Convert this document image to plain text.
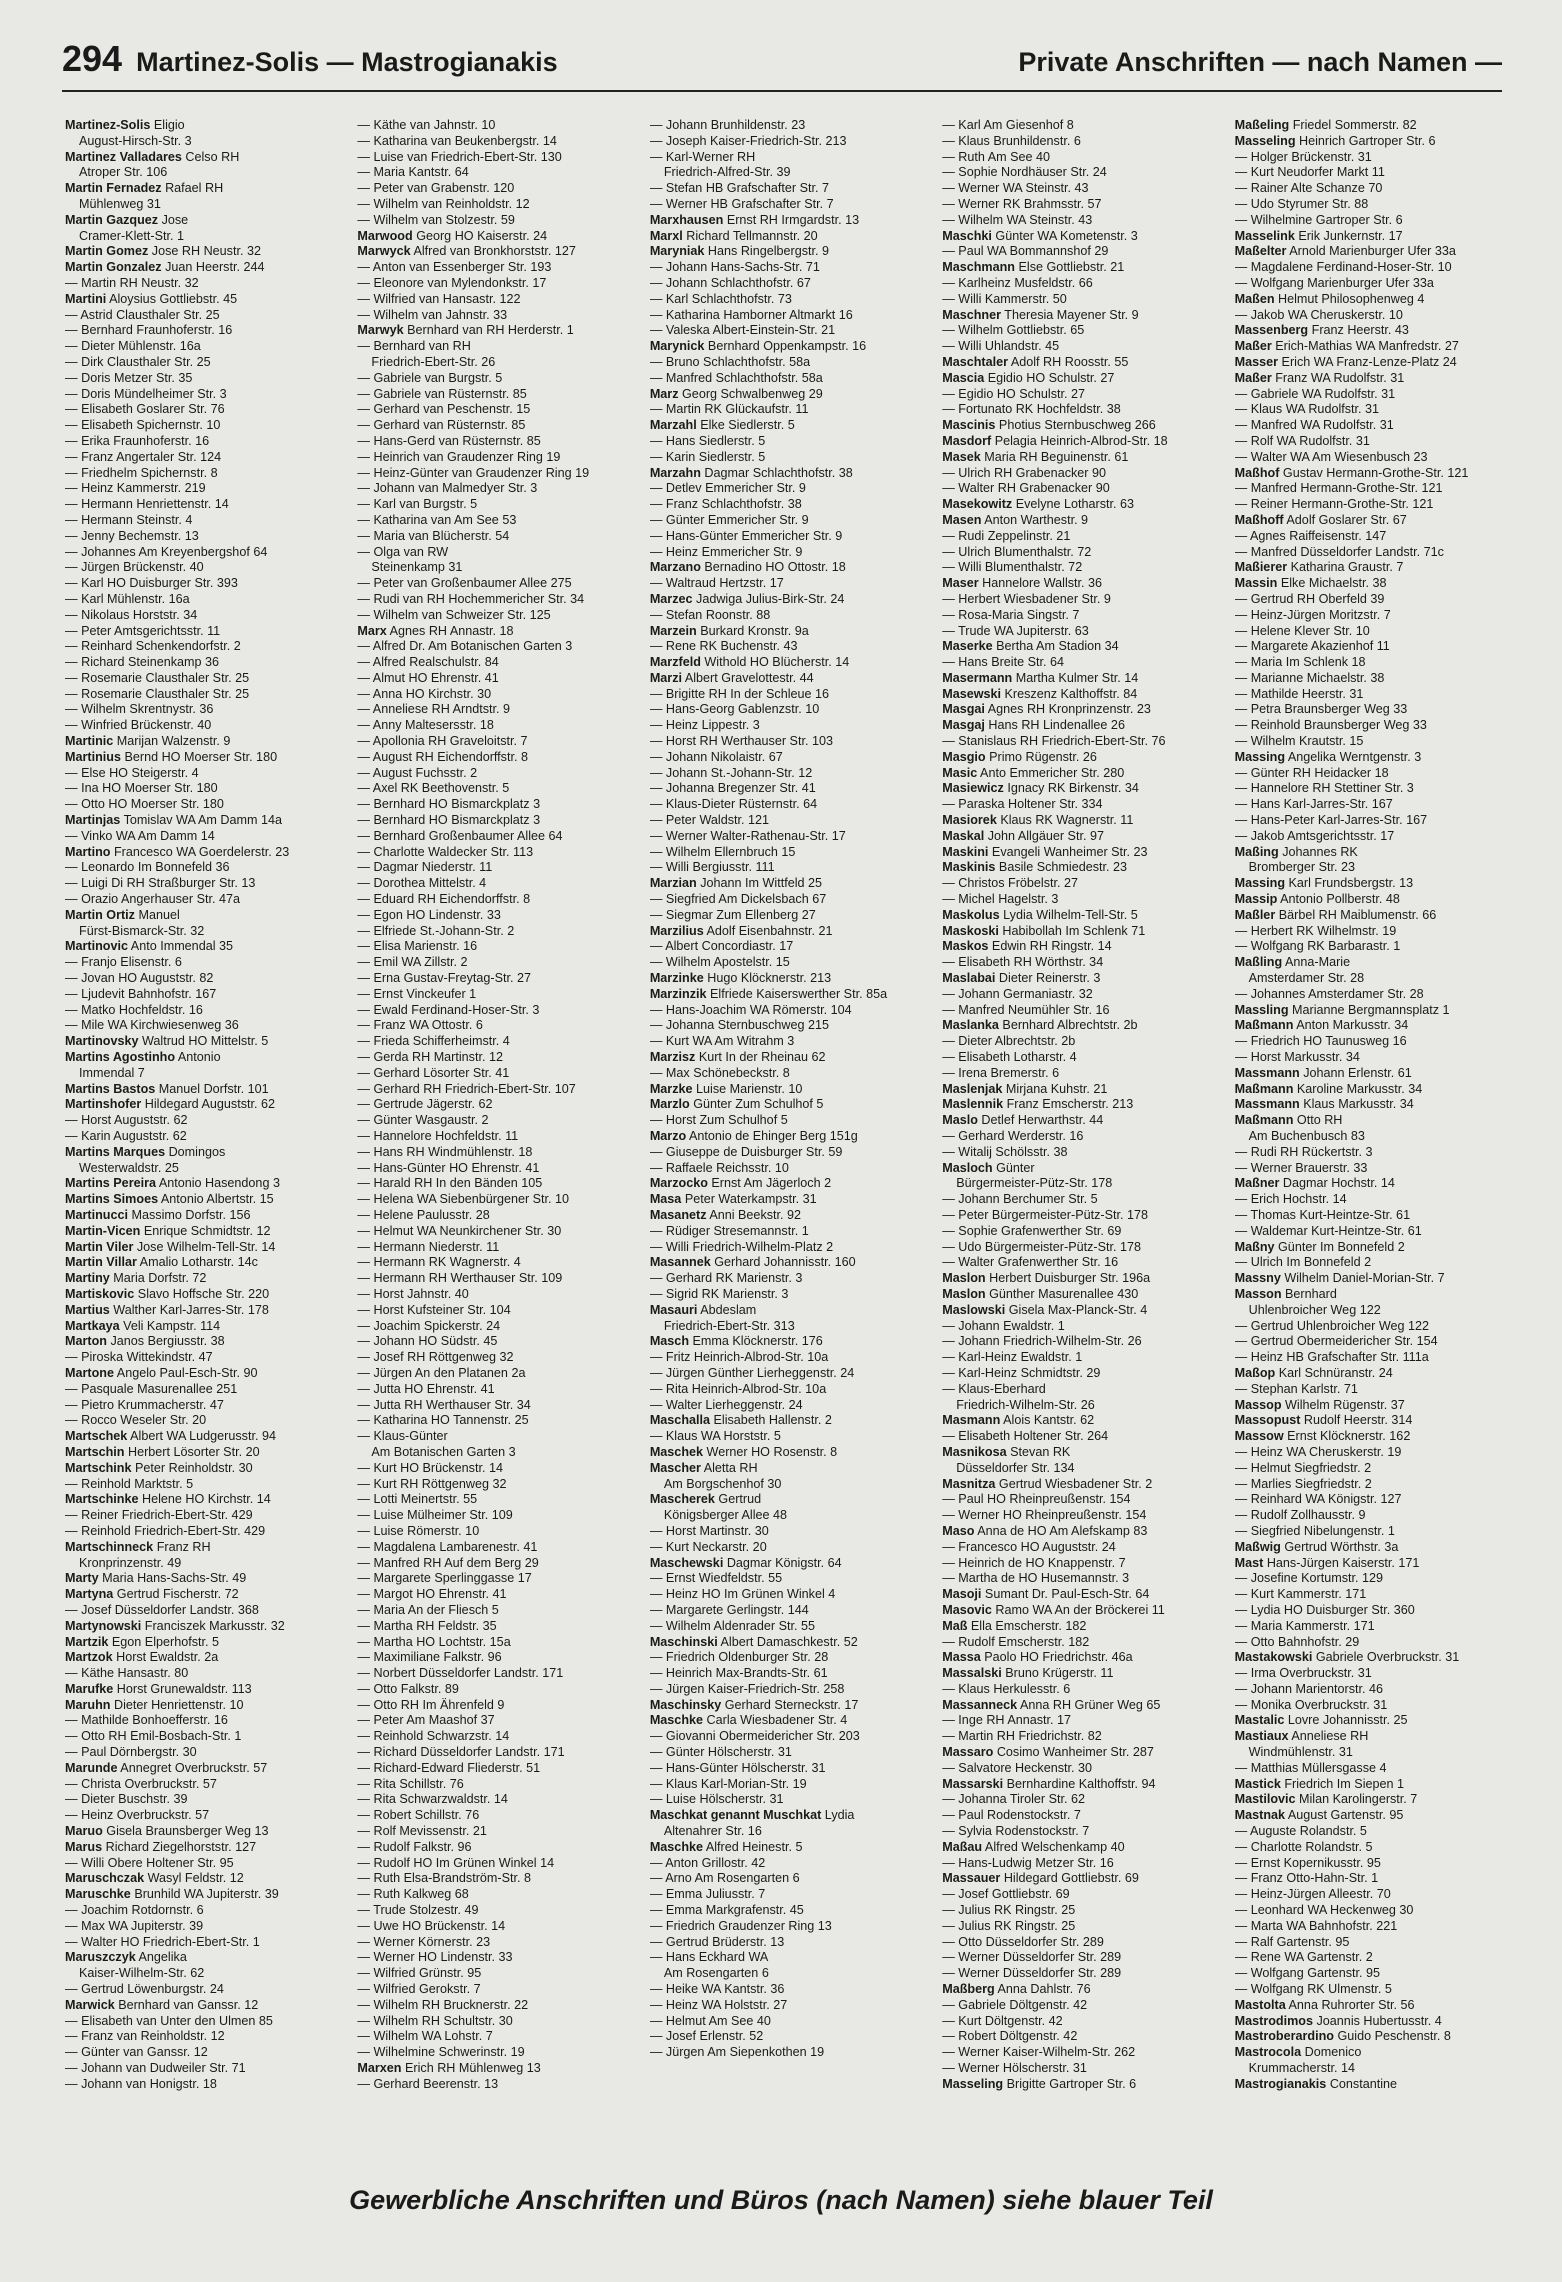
294 Martinez-Solis — Mastrogianakis	Private Anschriften — nach Namen —
Martinez-Solis Eligio
August-Hirsch-Str. 3
Martinez Valladares Celso RH
Atroper Str. 106
Martin Fernadez Rafael RH
Mühlenweg 31
Martin Gazquez Jose
Cramer-Klett-Str. 1
Martin Gomez Jose RH Neustr. 32
Martin Gonzalez Juan Heerstr. 244
— Martin RH Neustr. 32
Martini Aloysius Gottliebstr. 45
— Astrid Clausthaler Str. 25
— Bernhard Fraunhoferstr. 16
— Dieter Mühlenstr. 16a
— Dirk Clausthaler Str. 25
— Doris Metzer Str. 35
— Doris Mündelheimer Str. 3
— Elisabeth Goslarer Str. 76
— Elisabeth Spichernstr. 10
— Erika Fraunhoferstr. 16
— Franz Angertaler Str. 124
— Friedhelm Spichernstr. 8
— Heinz Kammerstr. 219
— Hermann Henriettenstr. 14
— Hermann Steinstr. 4
— Jenny Bechemstr. 13
— Johannes Am Kreyenbergshof 64
— Jürgen Brückenstr. 40
— Karl HO Duisburger Str. 393
— Karl Mühlenstr. 16a
— Nikolaus Horststr. 34
— Peter Amtsgerichtsstr. 11
— Reinhard Schenkendorfstr. 2
— Richard Steinenkamp 36
— Rosemarie Clausthaler Str. 25
— Rosemarie Clausthaler Str. 25
— Wilhelm Skrentnystr. 36
— Winfried Brückenstr. 40
Martinic Marijan Walzenstr. 9
Martinius Bernd HO Moerser Str. 180
— Else HO Steigerstr. 4
— Ina HO Moerser Str. 180
— Otto HO Moerser Str. 180
Martinjas Tomislav WA Am Damm 14a
— Vinko WA Am Damm 14
Martino Francesco WA Goerdelerstr. 23
— Leonardo Im Bonnefeld 36
— Luigi Di RH Straßburger Str. 13
— Orazio Angerhauser Str. 47a
Martin Ortiz Manuel
Fürst-Bismarck-Str. 32
Martinovic Anto Immendal 35
— Franjo Elisenstr. 6
— Jovan HO Auguststr. 82
— Ljudevit Bahnhofstr. 167
— Matko Hochfeldstr. 16
— Mile WA Kirchwiesenweg 36
Martinovsky Waltrud HO Mittelstr. 5
Martins Agostinho Antonio
Immendal 7
Martins Bastos Manuel Dorfstr. 101
Martinshofer Hildegard Auguststr. 62
— Horst Auguststr. 62
— Karin Auguststr. 62
Martins Marques Domingos
Westerwaldstr. 25
Martins Pereira Antonio Hasendong 3
Martins Simoes Antonio Albertstr. 15
Martinucci Massimo Dorfstr. 156
Martin-Vicen Enrique Schmidtstr. 12
Martin Viler Jose Wilhelm-Tell-Str. 14
Martin Villar Amalio Lotharstr. 14c
Martiny Maria Dorfstr. 72
Martiskovic Slavo Hoffsche Str. 220
Martius Walther Karl-Jarres-Str. 178
Martkaya Veli Kampstr. 114
Marton Janos Bergiusstr. 38
— Piroska Wittekindstr. 47
Martone Angelo Paul-Esch-Str. 90
— Pasquale Masurenallee 251
— Pietro Krummacherstr. 47
— Rocco Weseler Str. 20
Martschek Albert WA Ludgerusstr. 94
Martschin Herbert Lösorter Str. 20
Martschink Peter Reinholdstr. 30
— Reinhold Marktstr. 5
Martschinke Helene HO Kirchstr. 14
— Reiner Friedrich-Ebert-Str. 429
— Reinhold Friedrich-Ebert-Str. 429
Martschinneck Franz RH
Kronprinzenstr. 49
Marty Maria Hans-Sachs-Str. 49
Martyna Gertrud Fischerstr. 72
— Josef Düsseldorfer Landstr. 368
Martynowski Franciszek Markusstr. 32
Martzik Egon Elperhofstr. 5
Martzok Horst Ewaldstr. 2a
— Käthe Hansastr. 80
Marufke Horst Grunewaldstr. 113
Maruhn Dieter Henriettenstr. 10
— Mathilde Bonhoefferstr. 16
— Otto RH Emil-Bosbach-Str. 1
— Paul Dörnbergstr. 30
Marunde Annegret Overbruckstr. 57
— Christa Overbruckstr. 57
— Dieter Buschstr. 39
— Heinz Overbruckstr. 57
Maruo Gisela Braunsberger Weg 13
Marus Richard Ziegelhorststr. 127
— Willi Obere Holtener Str. 95
Maruschczak Wasyl Feldstr. 12
Maruschke Brunhild WA Jupiterstr. 39
— Joachim Rotdornstr. 6
— Max WA Jupiterstr. 39
— Walter HO Friedrich-Ebert-Str. 1
Maruszczyk Angelika
Kaiser-Wilhelm-Str. 62
— Gertrud Löwenburgstr. 24
Marwick Bernhard van Ganssr. 12
— Elisabeth van Unter den Ulmen 85
— Franz van Reinholdstr. 12
— Günter van Ganssr. 12
— Johann van Dudweiler Str. 71
— Johann van Honigstr. 18
— Käthe van Jahnstr. 10
— Katharina van Beukenbergstr. 14
— Luise van Friedrich-Ebert-Str. 130
— Maria Kantstr. 64
— Peter van Grabenstr. 120
— Wilhelm van Reinholdstr. 12
— Wilhelm van Stolzestr. 59
Marwood Georg HO Kaiserstr. 24
Marwyck Alfred van Bronkhorststr. 127
— Anton van Essenberger Str. 193
— Eleonore van Mylendonkstr. 17
— Wilfried van Hansastr. 122
— Wilhelm van Jahnstr. 33
Marwyk Bernhard van RH Herderstr. 1
— Bernhard van RH
Friedrich-Ebert-Str. 26
— Gabriele van Burgstr. 5
— Gabriele van Rüsternstr. 85
— Gerhard van Peschenstr. 15
— Gerhard van Rüsternstr. 85
— Hans-Gerd van Rüsternstr. 85
— Heinrich van Graudenzer Ring 19
— Heinz-Günter van Graudenzer Ring 19
— Johann van Malmedyer Str. 3
— Karl van Burgstr. 5
— Katharina van Am See 53
— Maria van Blücherstr. 54
— Olga van RW
Steinenkamp 31
— Peter van Großenbaumer Allee 275
— Rudi van RH Hochemmericher Str. 34
— Wilhelm van Schweizer Str. 125
Marx Agnes RH Annastr. 18
— Alfred Dr. Am Botanischen Garten 3
— Alfred Realschulstr. 84
— Almut HO Ehrenstr. 41
— Anna HO Kirchstr. 30
— Anneliese RH Arndtstr. 9
— Anny Maltesersstr. 18
— Apollonia RH Graveloitstr. 7
— August RH Eichendorffstr. 8
— August Fuchsstr. 2
— Axel RK Beethovenstr. 5
— Bernhard HO Bismarckplatz 3
— Bernhard HO Bismarckplatz 3
— Bernhard Großenbaumer Allee 64
— Charlotte Waldecker Str. 113
— Dagmar Niederstr. 11
— Dorothea Mittelstr. 4
— Eduard RH Eichendorffstr. 8
— Egon HO Lindenstr. 33
— Elfriede St.-Johann-Str. 2
— Elisa Marienstr. 16
— Emil WA Zillstr. 2
— Erna Gustav-Freytag-Str. 27
— Ernst Vinckeufer 1
— Ewald Ferdinand-Hoser-Str. 3
— Franz WA Ottostr. 6
— Frieda Schifferheimstr. 4
— Gerda RH Martinstr. 12
— Gerhard Lösorter Str. 41
— Gerhard RH Friedrich-Ebert-Str. 107
— Gertrude Jägerstr. 62
— Günter Wasgaustr. 2
— Hannelore Hochfeldstr. 11
— Hans RH Windmühlenstr. 18
— Hans-Günter HO Ehrenstr. 41
— Harald RH In den Bänden 105
— Helena WA Siebenbürgener Str. 10
— Helene Paulusstr. 28
— Helmut WA Neunkirchener Str. 30
— Hermann Niederstr. 11
— Hermann RK Wagnerstr. 4
— Hermann RH Werthauser Str. 109
— Horst Jahnstr. 40
— Horst Kufsteiner Str. 104
— Joachim Spickerstr. 24
— Johann HO Südstr. 45
— Josef RH Röttgenweg 32
— Jürgen An den Platanen 2a
— Jutta HO Ehrenstr. 41
— Jutta RH Werthauser Str. 34
— Katharina HO Tannenstr. 25
— Klaus-Günter
Am Botanischen Garten 3
— Kurt HO Brückenstr. 14
— Kurt RH Röttgenweg 32
— Lotti Meinertstr. 55
— Luise Mülheimer Str. 109
— Luise Römerstr. 10
— Magdalena Lambarenestr. 41
— Manfred RH Auf dem Berg 29
— Margarete Sperlinggasse 17
— Margot HO Ehrenstr. 41
— Maria An der Fliesch 5
— Martha RH Feldstr. 35
— Martha HO Lochtstr. 15a
— Maximiliane Falkstr. 96
— Norbert Düsseldorfer Landstr. 171
— Otto Falkstr. 89
— Otto RH Im Ährenfeld 9
— Peter Am Maashof 37
— Reinhold Schwarzstr. 14
— Richard Düsseldorfer Landstr. 171
— Richard-Edward Fliederstr. 51
— Rita Schillstr. 76
— Rita Schwarzwaldstr. 14
— Robert Schillstr. 76
— Rolf Mevissenstr. 21
— Rudolf Falkstr. 96
— Rudolf HO Im Grünen Winkel 14
— Ruth Elsa-Brandström-Str. 8
— Ruth Kalkweg 68
— Trude Stolzestr. 49
— Uwe HO Brückenstr. 14
— Werner Körnerstr. 23
— Werner HO Lindenstr. 33
— Wilfried Grünstr. 95
— Wilfried Gerokstr. 7
— Wilhelm RH Brucknerstr. 22
— Wilhelm RH Schultstr. 30
— Wilhelm WA Lohstr. 7
— Wilhelmine Schwerinstr. 19
Marxen Erich RH Mühlenweg 13
— Gerhard Beerenstr. 13
— Johann Brunhildenstr. 23
— Joseph Kaiser-Friedrich-Str. 213
— Karl-Werner RH
Friedrich-Alfred-Str. 39
— Stefan HB Grafschafter Str. 7
— Werner HB Grafschafter Str. 7
Marxhausen Ernst RH Irmgardstr. 13
Marxl Richard Tellmannstr. 20
Maryniak Hans Ringelbergstr. 9
— Johann Hans-Sachs-Str. 71
— Johann Schlachthofstr. 67
— Karl Schlachthofstr. 73
— Katharina Hamborner Altmarkt 16
— Valeska Albert-Einstein-Str. 21
Marynick Bernhard Oppenkampstr. 16
— Bruno Schlachthofstr. 58a
— Manfred Schlachthofstr. 58a
Marz Georg Schwalbenweg 29
— Martin RK Glückaufstr. 11
Marzahl Elke Siedlerstr. 5
— Hans Siedlerstr. 5
— Karin Siedlerstr. 5
Marzahn Dagmar Schlachthofstr. 38
— Detlev Emmericher Str. 9
— Franz Schlachthofstr. 38
— Günter Emmericher Str. 9
— Hans-Günter Emmericher Str. 9
— Heinz Emmericher Str. 9
Marzano Bernadino HO Ottostr. 18
— Waltraud Hertzstr. 17
Marzec Jadwiga Julius-Birk-Str. 24
— Stefan Roonstr. 88
Marzein Burkard Kronstr. 9a
— Rene RK Buchenstr. 43
Marzfeld Withold HO Blücherstr. 14
Marzi Albert Gravelottestr. 44
— Brigitte RH In der Schleue 16
— Hans-Georg Gablenzstr. 10
— Heinz Lippestr. 3
— Horst RH Werthauser Str. 103
— Johann Nikolaistr. 67
— Johann St.-Johann-Str. 12
— Johanna Bregenzer Str. 41
— Klaus-Dieter Rüsternstr. 64
— Peter Waldstr. 121
— Werner Walter-Rathenau-Str. 17
— Wilhelm Ellernbruch 15
— Willi Bergiusstr. 111
Marzian Johann Im Wittfeld 25
— Siegfried Am Dickelsbach 67
— Siegmar Zum Ellenberg 27
Marzilius Adolf Eisenbahnstr. 21
— Albert Concordiastr. 17
— Wilhelm Apostelstr. 15
Marzinke Hugo Klöcknerstr. 213
Marzinzik Elfriede Kaiserswerther Str. 85a
— Hans-Joachim WA Römerstr. 104
— Johanna Sternbuschweg 215
— Kurt WA Am Witrahm 3
Marzisz Kurt In der Rheinau 62
— Max Schönebeckstr. 8
Marzke Luise Marienstr. 10
Marzlo Günter Zum Schulhof 5
— Horst Zum Schulhof 5
Marzo Antonio de Ehinger Berg 151g
— Giuseppe de Duisburger Str. 59
— Raffaele Reichsstr. 10
Marzocko Ernst Am Jägerloch 2
Masa Peter Waterkampstr. 31
Masanetz Anni Beekstr. 92
— Rüdiger Stresemannstr. 1
— Willi Friedrich-Wilhelm-Platz 2
Masannek Gerhard Johannisstr. 160
— Gerhard RK Marienstr. 3
— Sigrid RK Marienstr. 3
Masauri Abdeslam
Friedrich-Ebert-Str. 313
Masch Emma Klöcknerstr. 176
— Fritz Heinrich-Albrod-Str. 10a
— Jürgen Günther Lierheggenstr. 24
— Rita Heinrich-Albrod-Str. 10a
— Walter Lierheggenstr. 24
Maschalla Elisabeth Hallenstr. 2
— Klaus WA Horststr. 5
Maschek Werner HO Rosenstr. 8
Mascher Aletta RH
Am Borgschenhof 30
Mascherek Gertrud
Königsberger Allee 48
— Horst Martinstr. 30
— Kurt Neckarstr. 20
Maschewski Dagmar Königstr. 64
— Ernst Wiedfeldstr. 55
— Heinz HO Im Grünen Winkel 4
— Margarete Gerlingstr. 144
— Wilhelm Aldenrader Str. 55
Maschinski Albert Damaschkestr. 52
— Friedrich Oldenburger Str. 28
— Heinrich Max-Brandts-Str. 61
— Jürgen Kaiser-Friedrich-Str. 258
Maschinsky Gerhard Sterneckstr. 17
Maschke Carla Wiesbadener Str. 4
— Giovanni Obermeidericher Str. 203
— Günter Hölscherstr. 31
— Hans-Günter Hölscherstr. 31
— Klaus Karl-Morian-Str. 19
— Luise Hölscherstr. 31
Maschkat genannt Muschkat Lydia
Altenahrer Str. 16
Maschke Alfred Heinestr. 5
— Anton Grillostr. 42
— Arno Am Rosengarten 6
— Emma Juliusstr. 7
— Emma Markgrafenstr. 45
— Friedrich Graudenzer Ring 13
— Gertrud Brüderstr. 13
— Hans Eckhard WA
Am Rosengarten 6
— Heike WA Kantstr. 36
— Heinz WA Holststr. 27
— Helmut Am See 40
— Josef Erlenstr. 52
— Jürgen Am Siepenkothen 19
— Karl Am Giesenhof 8
— Klaus Brunhildenstr. 6
— Ruth Am See 40
— Sophie Nordhäuser Str. 24
— Werner WA Steinstr. 43
— Werner RK Brahmsstr. 57
— Wilhelm WA Steinstr. 43
Maschki Günter WA Kometenstr. 3
— Paul WA Bommannshof 29
Maschmann Else Gottliebstr. 21
— Karlheinz Musfeldstr. 66
— Willi Kammerstr. 50
Maschner Theresia Mayener Str. 9
— Wilhelm Gottliebstr. 65
— Willi Uhlandstr. 45
Maschtaler Adolf RH Roosstr. 55
Mascia Egidio HO Schulstr. 27
— Egidio HO Schulstr. 27
— Fortunato RK Hochfeldstr. 38
Mascinis Photius Sternbuschweg 266
Masdorf Pelagia Heinrich-Albrod-Str. 18
Masek Maria RH Beguinenstr. 61
— Ulrich RH Grabenacker 90
— Walter RH Grabenacker 90
Masekowitz Evelyne Lotharstr. 63
Masen Anton Warthestr. 9
— Rudi Zeppelinstr. 21
— Ulrich Blumenthalstr. 72
— Willi Blumenthalstr. 72
Maser Hannelore Wallstr. 36
— Herbert Wiesbadener Str. 9
— Rosa-Maria Singstr. 7
— Trude WA Jupiterstr. 63
Maserke Bertha Am Stadion 34
— Hans Breite Str. 64
Masermann Martha Kulmer Str. 14
Masewski Kreszenz Kalthoffstr. 84
Masgai Agnes RH Kronprinzenstr. 23
Masgaj Hans RH Lindenallee 26
— Stanislaus RH Friedrich-Ebert-Str. 76
Masgio Primo Rügenstr. 26
Masic Anto Emmericher Str. 280
Masiewicz Ignacy RK Birkenstr. 34
— Paraska Holtener Str. 334
Masiorek Klaus RK Wagnerstr. 11
Maskal John Allgäuer Str. 97
Maskini Evangeli Wanheimer Str. 23
Maskinis Basile Schmiedestr. 23
— Christos Fröbelstr. 27
— Michel Hagelstr. 3
Maskolus Lydia Wilhelm-Tell-Str. 5
Maskoski Habibollah Im Schlenk 71
Maskos Edwin RH Ringstr. 14
— Elisabeth RH Wörthstr. 34
Maslabai Dieter Reinerstr. 3
— Johann Germaniastr. 32
— Manfred Neumühler Str. 16
Maslanka Bernhard Albrechtstr. 2b
— Dieter Albrechtstr. 2b
— Elisabeth Lotharstr. 4
— Irena Bremerstr. 6
Maslenjak Mirjana Kuhstr. 21
Maslennik Franz Emscherstr. 213
Maslo Detlef Herwarthstr. 44
— Gerhard Werderstr. 16
— Witalij Schölsstr. 38
Masloch Günter
Bürgermeister-Pütz-Str. 178
— Johann Berchumer Str. 5
— Peter Bürgermeister-Pütz-Str. 178
— Sophie Grafenwerther Str. 69
— Udo Bürgermeister-Pütz-Str. 178
— Walter Grafenwerther Str. 16
Maslon Herbert Duisburger Str. 196a
Maslon Günther Masurenallee 430
Maslowski Gisela Max-Planck-Str. 4
— Johann Ewaldstr. 1
— Johann Friedrich-Wilhelm-Str. 26
— Karl-Heinz Ewaldstr. 1
— Karl-Heinz Schmidtstr. 29
— Klaus-Eberhard
Friedrich-Wilhelm-Str. 26
Masmann Alois Kantstr. 62
— Elisabeth Holtener Str. 264
Masnikosa Stevan RK
Düsseldorfer Str. 134
Masnitza Gertrud Wiesbadener Str. 2
— Paul HO Rheinpreußenstr. 154
— Werner HO Rheinpreußenstr. 154
Maso Anna de HO Am Alefskamp 83
— Francesco HO Auguststr. 24
— Heinrich de HO Knappenstr. 7
— Martha de HO Husemannstr. 3
Masoji Sumant Dr. Paul-Esch-Str. 64
Masovic Ramo WA An der Bröckerei 11
Maß Ella Emscherstr. 182
— Rudolf Emscherstr. 182
Massa Paolo HO Friedrichstr. 46a
Massalski Bruno Krügerstr. 11
— Klaus Herkulesstr. 6
Massanneck Anna RH Grüner Weg 65
— Inge RH Annastr. 17
— Martin RH Friedrichstr. 82
Massaro Cosimo Wanheimer Str. 287
— Salvatore Heckenstr. 30
Massarski Bernhardine Kalthoffstr. 94
— Johanna Tiroler Str. 62
— Paul Rodenstockstr. 7
— Sylvia Rodenstockstr. 7
Maßau Alfred Welschenkamp 40
— Hans-Ludwig Metzer Str. 16
Massauer Hildegard Gottliebstr. 69
— Josef Gottliebstr. 69
— Julius RK Ringstr. 25
— Julius RK Ringstr. 25
— Otto Düsseldorfer Str. 289
— Werner Düsseldorfer Str. 289
— Werner Düsseldorfer Str. 289
Maßberg Anna Dahlstr. 76
— Gabriele Döltgenstr. 42
— Kurt Döltgenstr. 42
— Robert Döltgenstr. 42
— Werner Kaiser-Wilhelm-Str. 262
— Werner Hölscherstr. 31
Masseling Brigitte Gartroper Str. 6
Maßeling Friedel Sommerstr. 82
Masseling Heinrich Gartroper Str. 6
— Holger Brückenstr. 31
— Kurt Neudorfer Markt 11
— Rainer Alte Schanze 70
— Udo Styrumer Str. 88
— Wilhelmine Gartroper Str. 6
Masselink Erik Junkernstr. 17
Maßelter Arnold Marienburger Ufer 33a
— Magdalene Ferdinand-Hoser-Str. 10
— Wolfgang Marienburger Ufer 33a
Maßen Helmut Philosophenweg 4
— Jakob WA Cheruskerstr. 10
Massenberg Franz Heerstr. 43
Maßer Erich-Mathias WA Manfredstr. 27
Masser Erich WA Franz-Lenze-Platz 24
Maßer Franz WA Rudolfstr. 31
— Gabriele WA Rudolfstr. 31
— Klaus WA Rudolfstr. 31
— Manfred WA Rudolfstr. 31
— Rolf WA Rudolfstr. 31
— Walter WA Am Wiesenbusch 23
Maßhof Gustav Hermann-Grothe-Str. 121
— Manfred Hermann-Grothe-Str. 121
— Reiner Hermann-Grothe-Str. 121
Maßhoff Adolf Goslarer Str. 67
— Agnes Raiffeisenstr. 147
— Manfred Düsseldorfer Landstr. 71c
Maßierer Katharina Graustr. 7
Massin Elke Michaelstr. 38
— Gertrud RH Oberfeld 39
— Heinz-Jürgen Moritzstr. 7
— Helene Klever Str. 10
— Margarete Akazienhof 11
— Maria Im Schlenk 18
— Marianne Michaelstr. 38
— Mathilde Heerstr. 31
— Petra Braunsberger Weg 33
— Reinhold Braunsberger Weg 33
— Wilhelm Krautstr. 15
Massing Angelika Werntgenstr. 3
— Günter RH Heidacker 18
— Hannelore RH Stettiner Str. 3
— Hans Karl-Jarres-Str. 167
— Hans-Peter Karl-Jarres-Str. 167
— Jakob Amtsgerichtsstr. 17
Maßing Johannes RK
Bromberger Str. 23
Massing Karl Frundsbergstr. 13
Massip Antonio Pollberstr. 48
Maßler Bärbel RH Maiblumenstr. 66
— Herbert RK Wilhelmstr. 19
— Wolfgang RK Barbarastr. 1
Maßling Anna-Marie
Amsterdamer Str. 28
— Johannes Amsterdamer Str. 28
Massling Marianne Bergmannsplatz 1
Maßmann Anton Markusstr. 34
— Friedrich HO Taunusweg 16
— Horst Markusstr. 34
Massmann Johann Erlenstr. 61
Maßmann Karoline Markusstr. 34
Massmann Klaus Markusstr. 34
Maßmann Otto RH
Am Buchenbusch 83
— Rudi RH Rückertstr. 3
— Werner Brauerstr. 33
Maßner Dagmar Hochstr. 14
— Erich Hochstr. 14
— Thomas Kurt-Heintze-Str. 61
— Waldemar Kurt-Heintze-Str. 61
Maßny Günter Im Bonnefeld 2
— Ulrich Im Bonnefeld 2
Massny Wilhelm Daniel-Morian-Str. 7
Masson Bernhard
Uhlenbroicher Weg 122
— Gertrud Uhlenbroicher Weg 122
— Gertrud Obermeidericher Str. 154
— Heinz HB Grafschafter Str. 111a
Maßop Karl Schnüranstr. 24
— Stephan Karlstr. 71
Massop Wilhelm Rügenstr. 37
Massopust Rudolf Heerstr. 314
Massow Ernst Klöcknerstr. 162
— Heinz WA Cheruskerstr. 19
— Helmut Siegfriedstr. 2
— Marlies Siegfriedstr. 2
— Reinhard WA Königstr. 127
— Rudolf Zollhausstr. 9
— Siegfried Nibelungenstr. 1
Maßwig Gertrud Wörthstr. 3a
Mast Hans-Jürgen Kaiserstr. 171
— Josefine Kortumstr. 129
— Kurt Kammerstr. 171
— Lydia HO Duisburger Str. 360
— Maria Kammerstr. 171
— Otto Bahnhofstr. 29
Mastakowski Gabriele Overbruckstr. 31
— Irma Overbruckstr. 31
— Johann Marientorstr. 46
— Monika Overbruckstr. 31
Mastalic Lovre Johannisstr. 25
Mastiaux Anneliese RH
Windmühlenstr. 31
— Matthias Müllersgasse 4
Mastick Friedrich Im Siepen 1
Mastilovic Milan Karolingerstr. 7
Mastnak August Gartenstr. 95
— Auguste Rolandstr. 5
— Charlotte Rolandstr. 5
— Ernst Kopernikusstr. 95
— Franz Otto-Hahn-Str. 1
— Heinz-Jürgen Alleestr. 70
— Leonhard WA Heckenweg 30
— Marta WA Bahnhofstr. 221
— Ralf Gartenstr. 95
— Rene WA Gartenstr. 2
— Wolfgang Gartenstr. 95
— Wolfgang RK Ulmenstr. 5
Mastolta Anna Ruhrorter Str. 56
Mastrodimos Joannis Hubertusstr. 4
Mastroberardino Guido Peschenstr. 8
Mastrocola Domenico
Krummacherstr. 14
Mastrogianakis Constantine
Gewerbliche Anschriften und Büros (nach Namen) siehe blauer Teil
